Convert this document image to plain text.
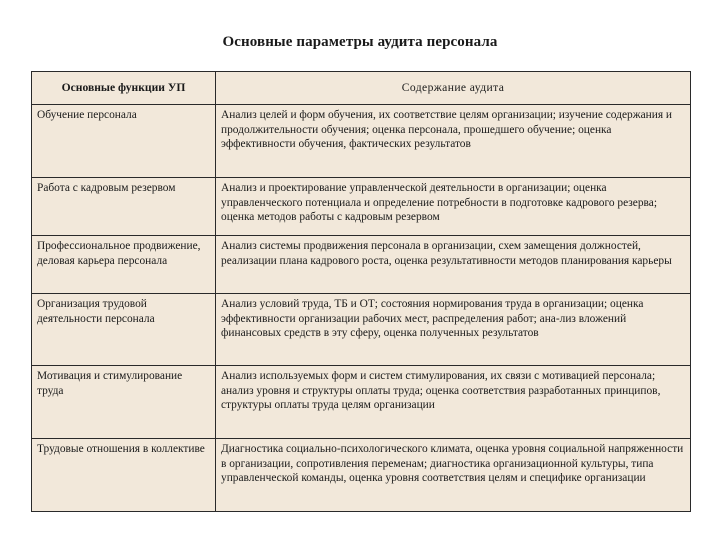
Основные параметры аудита персонала
Основные функции УП	Содержание аудита
Обучение персонала	Анализ целей и форм обучения, их соответствие целям организации; изучение содержания и продолжительности обучения; оценка персонала, прошедшего обучение; оценка эффективности обучения, фактических результатов
Работа с кадровым резервом	Анализ и проектирование управленческой деятельности в организации; оценка управленческого потенциала и определение потребности в подготовке кадрового резерва; оценка методов работы с кадровым резервом
Профессиональное продвижение, деловая карьера персонала	Анализ системы продвижения персонала в организации, схем замещения должностей, реализации плана кадрового роста, оценка результативности методов планирования карьеры
Организация трудовой деятельности персонала	Анализ условий труда, ТБ и ОТ; состояния нормирования труда в организации; оценка эффективности организации рабочих мест, распределения работ; ана-лиз вложений финансовых средств в эту сферу, оценка полученных результатов
Мотивация и стимулирование труда	Анализ используемых форм и систем стимулирования, их связи с мотивацией персонала; анализ уровня и структуры оплаты труда; оценка соответствия разработанных принципов, структуры оплаты труда целям организации
Трудовые отношения в коллективе	Диагностика социально-психологического климата, оценка уровня социальной напряженности в организации, сопротивления переменам; диагностика организационной культуры, типа управленческой команды, оценка уровня соответствия целям и специфике организации
